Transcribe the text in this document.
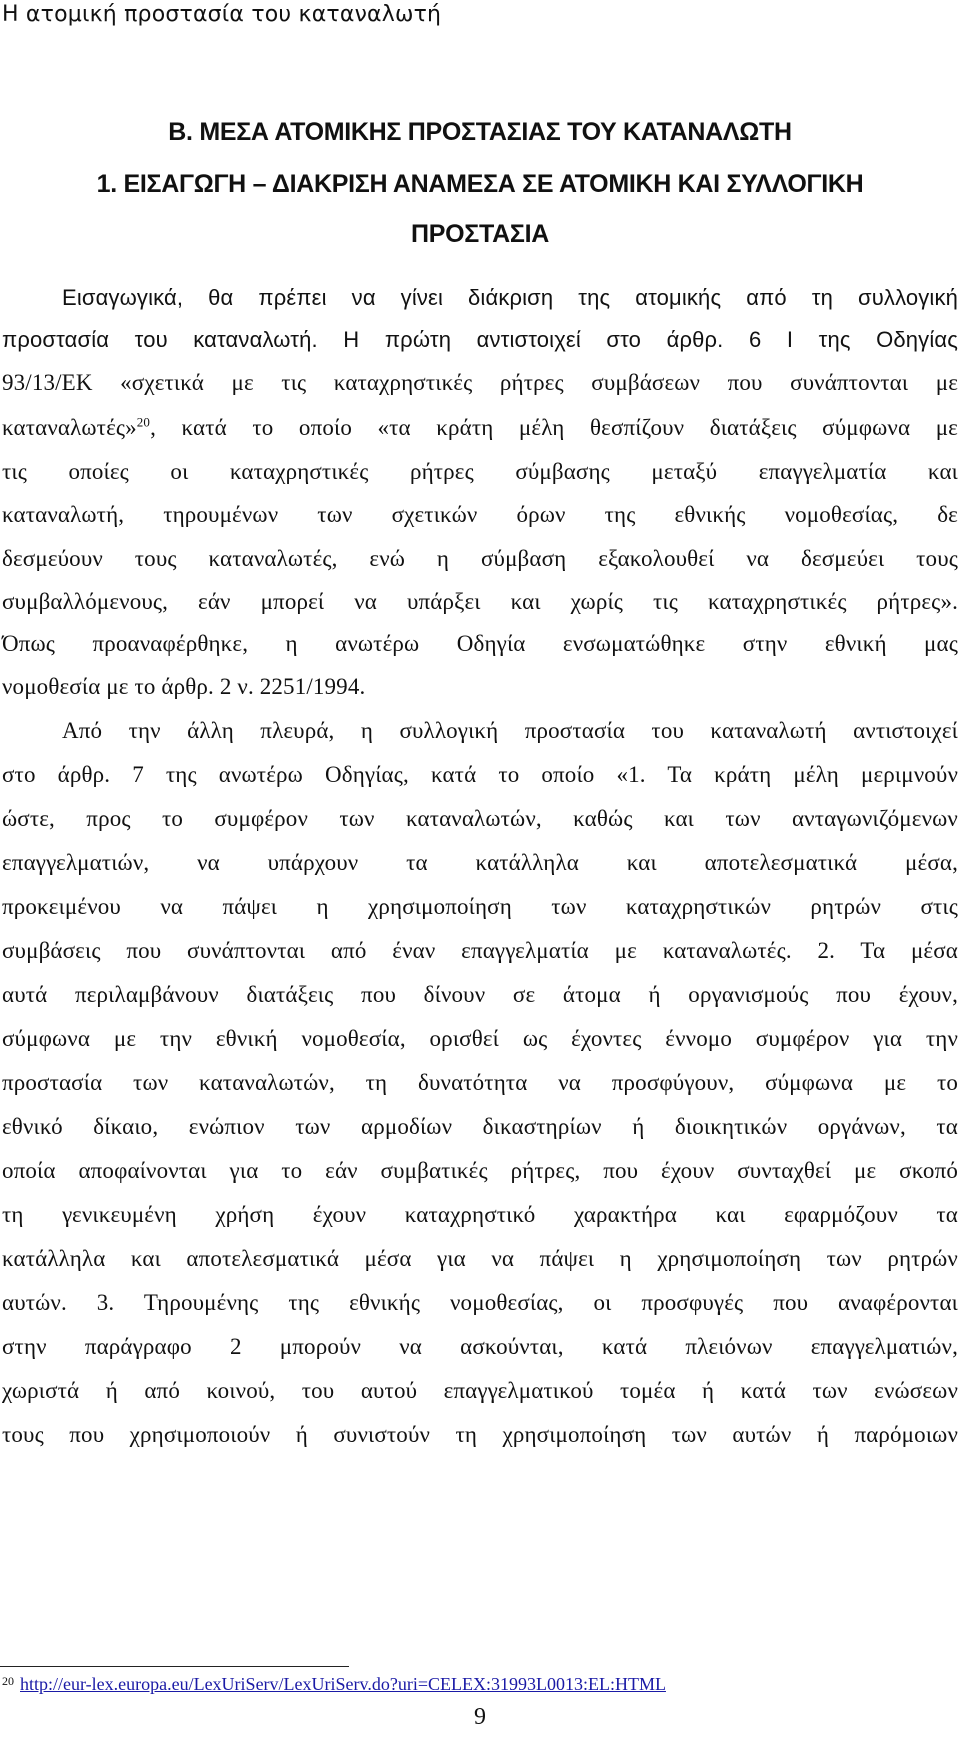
Η ατομική προστασία του καταναλωτή
B. ΜΕΣΑ ΑΤΟΜΙΚΗΣ ΠΡΟΣΤΑΣΙΑΣ ΤΟΥ ΚΑΤΑΝΑΛΩΤΗ
1. ΕΙΣΑΓΩΓΗ – ΔΙΑΚΡΙΣΗ ΑΝΑΜΕΣΑ ΣΕ ΑΤΟΜΙΚΗ ΚΑΙ ΣΥΛΛΟΓΙΚΗ
ΠΡΟΣΤΑΣΙΑ
Εισαγωγικά, θα πρέπει να γίνει διάκριση της ατομικής από τη συλλογική
προστασία του καταναλωτή. Η πρώτη αντιστοιχεί στο άρθρ. 6 Ι της Οδηγίας
93/13/ΕΚ «σχετικά με τις καταχρηστικές ρήτρες συμβάσεων που συνάπτονται με
καταναλωτές»$^{20}$, κατά το οποίο «τα κράτη μέλη θεσπίζουν διατάξεις σύμφωνα με
τις οποίες οι καταχρηστικές ρήτρες σύμβασης μεταξύ επαγγελματία και
καταναλωτή, τηρουμένων των σχετικών όρων της εθνικής νομοθεσίας, δε
δεσμεύουν τους καταναλωτές, ενώ η σύμβαση εξακολουθεί να δεσμεύει τους
συμβαλλόμενους, εάν μπορεί να υπάρξει και χωρίς τις καταχρηστικές ρήτρες».
Όπως προαναφέρθηκε, η ανωτέρω Οδηγία ενσωματώθηκε στην εθνική μας
νομοθεσία με το άρθρ. 2 ν. 2251/1994.
Από την άλλη πλευρά, η συλλογική προστασία του καταναλωτή αντιστοιχεί
στο άρθρ. 7 της ανωτέρω Οδηγίας, κατά το οποίο «1. Τα κράτη μέλη μεριμνούν
ώστε, προς το συμφέρον των καταναλωτών, καθώς και των ανταγωνιζόμενων
επαγγελματιών, να υπάρχουν τα κατάλληλα και αποτελεσματικά μέσα,
προκειμένου να πάψει η χρησιμοποίηση των καταχρηστικών ρητρών στις
συμβάσεις που συνάπτονται από έναν επαγγελματία με καταναλωτές. 2. Τα μέσα
αυτά περιλαμβάνουν διατάξεις που δίνουν σε άτομα ή οργανισμούς που έχουν,
σύμφωνα με την εθνική νομοθεσία, ορισθεί ως έχοντες έννομο συμφέρον για την
προστασία των καταναλωτών, τη δυνατότητα να προσφύγουν, σύμφωνα με το
εθνικό δίκαιο, ενώπιον των αρμοδίων δικαστηρίων ή διοικητικών οργάνων, τα
οποία αποφαίνονται για το εάν συμβατικές ρήτρες, που έχουν συνταχθεί με σκοπό
τη γενικευμένη χρήση έχουν καταχρηστικό χαρακτήρα και εφαρμόζουν τα
κατάλληλα και αποτελεσματικά μέσα για να πάψει η χρησιμοποίηση των ρητρών
αυτών. 3. Τηρουμένης της εθνικής νομοθεσίας, οι προσφυγές που αναφέρονται
στην παράγραφο 2 μπορούν να ασκούνται, κατά πλειόνων επαγγελματιών,
χωριστά ή από κοινού, του αυτού επαγγελματικού τομέα ή κατά των ενώσεων
τους που χρησιμοποιούν ή συνιστούν τη χρησιμοποίηση των αυτών ή παρόμοιων
$^{20}$ http://eur-lex.europa.eu/LexUriServ/LexUriServ.do?uri=CELEX:31993L0013:EL:HTML
9
